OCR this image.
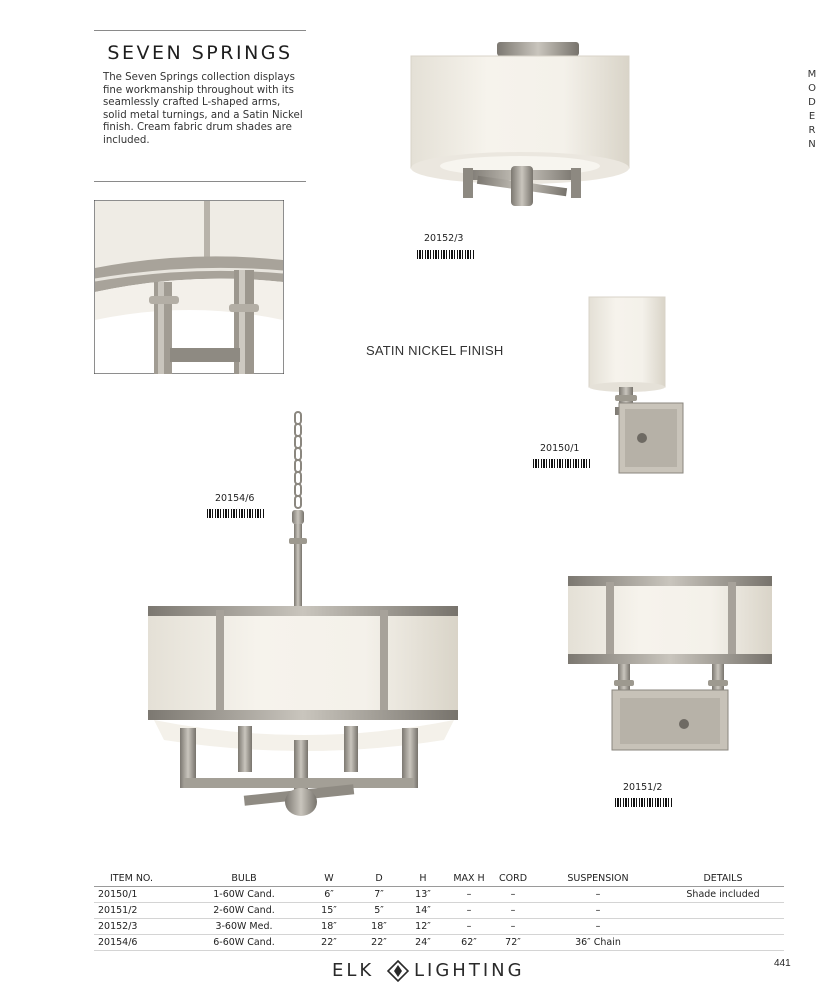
SEVEN SPRINGS
The Seven Springs collection displays fine workmanship throughout with its seamlessly crafted L-shaped arms, solid metal turnings, and a Satin Nickel finish. Cream fabric drum shades are included.
M
O
D
E
R
N
20152/3
SATIN NICKEL FINISH
20150/1
20154/6
20151/2
ITEM NO.	BULB	W	D	H	MAX H	CORD	SUSPENSION	DETAILS
20150/1	1-60W Cand.	6″	7″	13″	–	–	–	Shade included
20151/2	2-60W Cand.	15″	5″	14″	–	–	–	
20152/3	3-60W Med.	18″	18″	12″	–	–	–	
20154/6	6-60W Cand.	22″	22″	24″	62″	72″	36″ Chain	
ELK LIGHTING	441
